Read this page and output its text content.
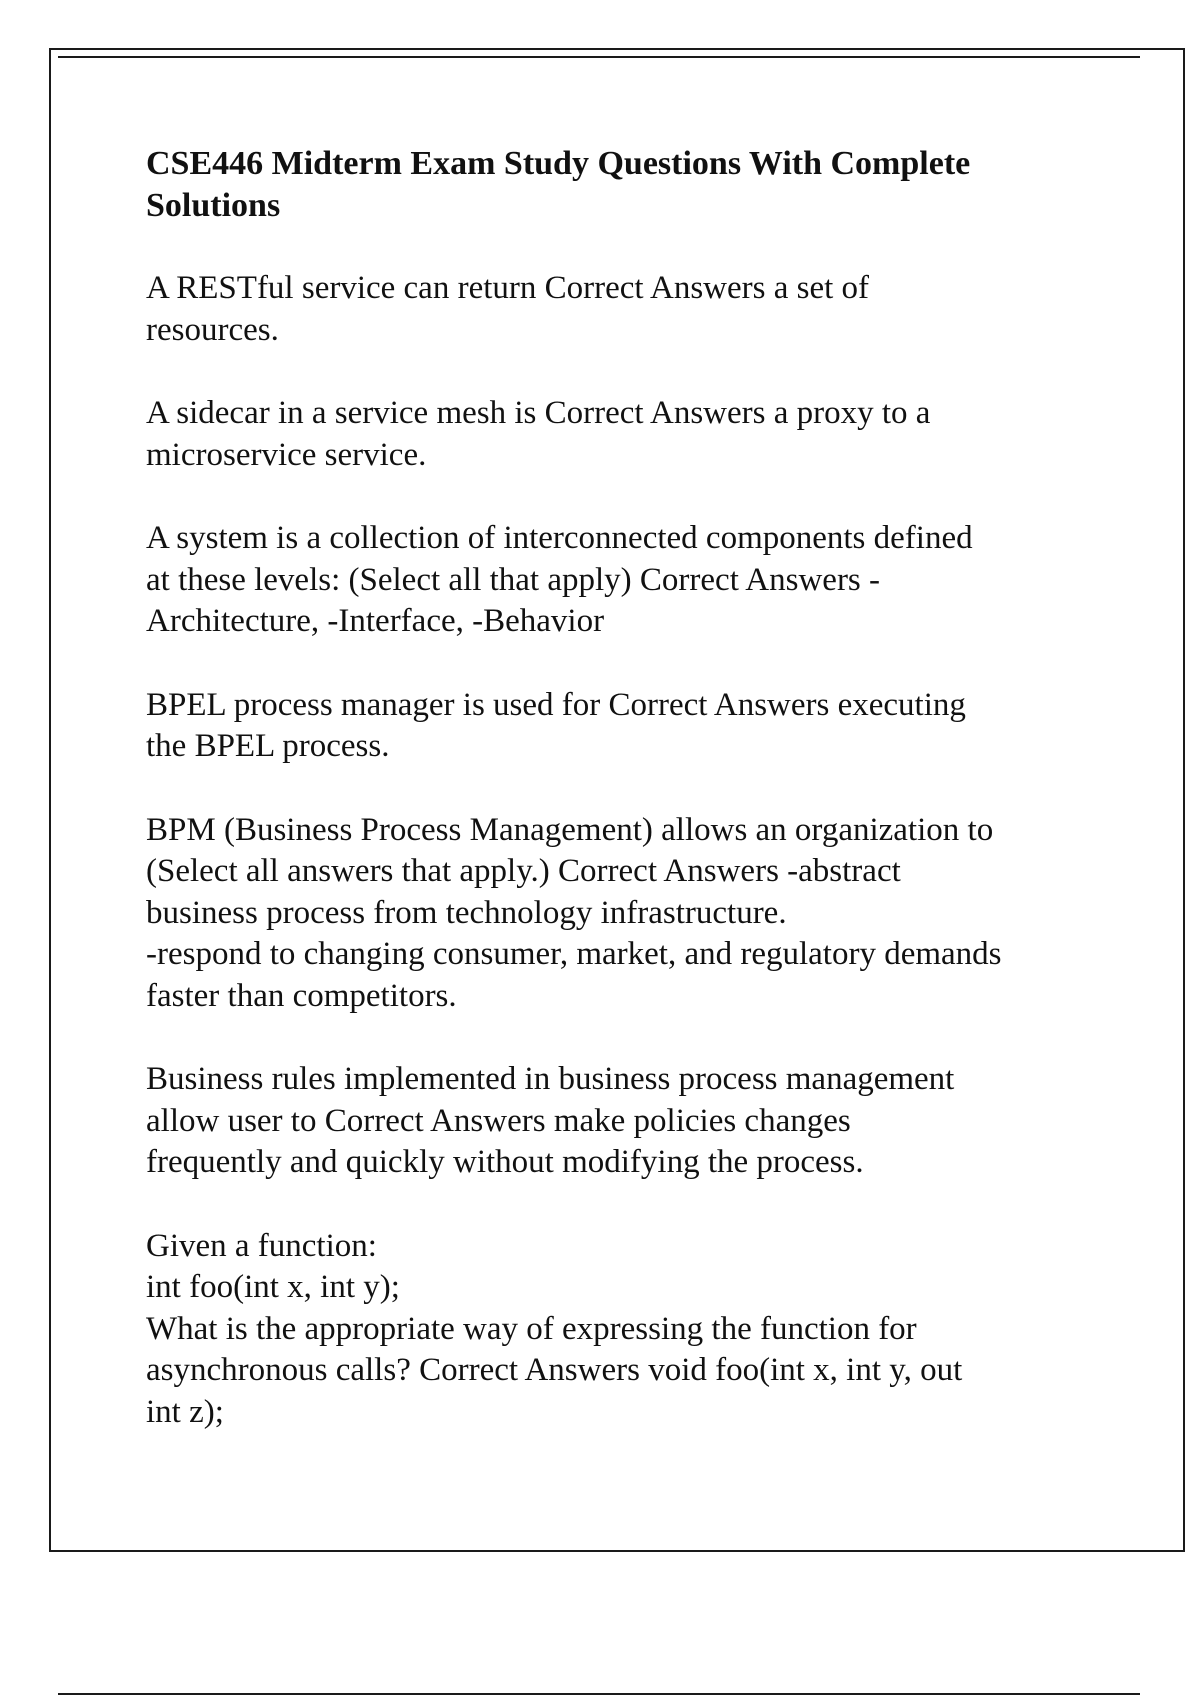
CSE446 Midterm Exam Study Questions With Complete Solutions
A RESTful service can return Correct Answers a set of
resources.
A sidecar in a service mesh is Correct Answers a proxy to a
microservice service.
A system is a collection of interconnected components defined
at these levels: (Select all that apply) Correct Answers -
Architecture, -Interface, -Behavior
BPEL process manager is used for Correct Answers executing
the BPEL process.
BPM (Business Process Management) allows an organization to
(Select all answers that apply.) Correct Answers -abstract
business process from technology infrastructure.
-respond to changing consumer, market, and regulatory demands
faster than competitors.
Business rules implemented in business process management
allow user to Correct Answers make policies changes
frequently and quickly without modifying the process.
Given a function:
int foo(int x, int y);
What is the appropriate way of expressing the function for
asynchronous calls? Correct Answers void foo(int x, int y, out
int z);
